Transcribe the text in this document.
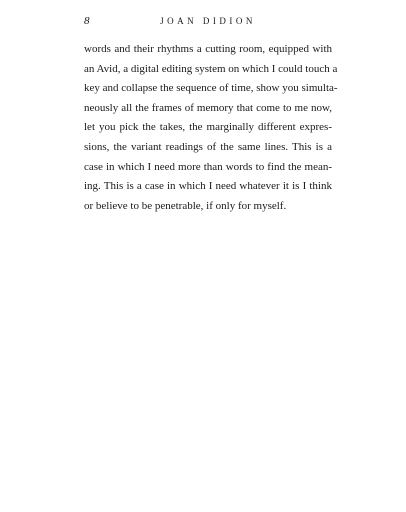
8	JOAN DIDION

words and their rhythms a cutting room, equipped with
an Avid, a digital editing system on which I could touch a
key and collapse the sequence of time, show you simulta-
neously all the frames of memory that come to me now,
let you pick the takes, the marginally different expres-
sions, the variant readings of the same lines. This is a
case in which I need more than words to find the mean-
ing. This is a case in which I need whatever it is I think
or believe to be penetrable, if only for myself.
